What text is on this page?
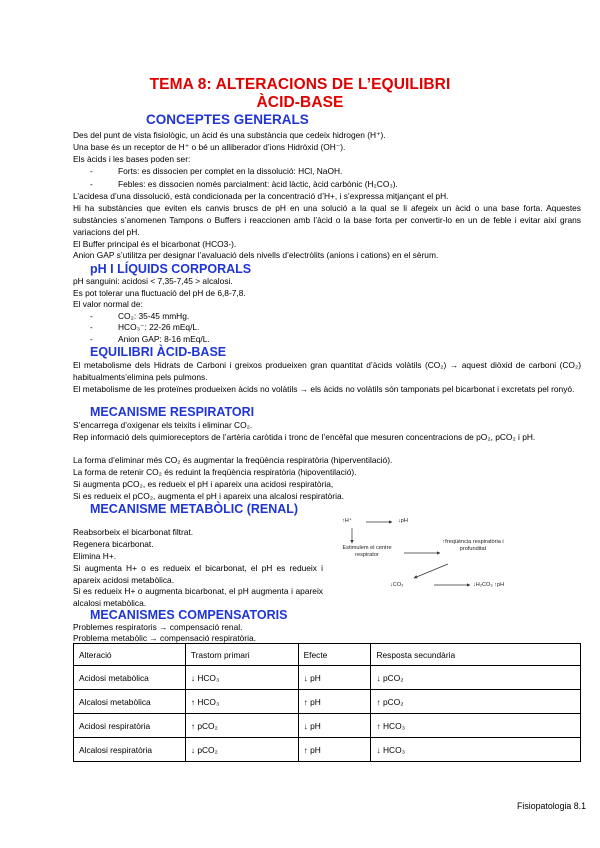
TEMA 8: ALTERACIONS DE L’EQUILIBRI
ÀCID-BASE
CONCEPTES GENERALS
Des del punt de vista fisiològic, un àcid és una substància que cedeix hidrogen (H⁺).
Una base és un receptor de H⁺ o bé un alliberador d’ions Hidròxid (OH⁻).
Els àcids i les bases poden ser:
-	Forts: es dissocien per complet en la dissolució: HCl, NaOH.
-	Febles: es dissocien només parcialment: àcid làctic, àcid carbònic (H₂CO₃).
L’acidesa d’una dissolució, està condicionada per la concentració d’H+, i s’expressa mitjançant el pH.
Hi ha substàncies que eviten els canvis bruscs de pH en una solució a la qual se li afegeix un àcid o una base forta. Aquestes substàncies s’anomenen Tampons o Buffers i reaccionen amb l’àcid o la base forta per convertir-lo en un de feble i evitar així grans variacions del pH.
El Buffer principal és el bicarbonat (HCO3-).
Anion GAP s’utilitza per designar l’avaluació dels nivells d’electròlits (anions i cations) en el sèrum.
pH I LÍQUIDS CORPORALS
pH sanguini: acidosi < 7,35-7,45 > alcalosi.
Es pot tolerar una fluctuació del pH de 6,8-7,8.
El valor normal de:
-	CO₂: 35-45 mmHg.
-	HCO₃⁻: 22-26 mEq/L.
-	Anion GAP: 8-16 mEq/L.
EQUILIBRI ÀCID-BASE
El metabolisme dels Hidrats de Carboni i greixos produeixen gran quantitat d’àcids volàtils (CO₂) → aquest diòxid de carboni (CO₂) habitualments’elimina pels pulmons.
El metabolisme de les proteïnes produeixen àcids no volàtils → els àcids no volàtils són tamponats pel bicarbonat i excretats pel ronyó.
MECANISME RESPIRATORI
S’encarrega d’oxigenar els teixits i eliminar CO₂.
Rep informació dels quimioreceptors de l’artèria caròtida i tronc de l’encèfal que mesuren concentracions de pO₂, pCO₂ i pH.
La forma d’eliminar més CO₂ és augmentar la freqüència respiratòria (hiperventilació).
La forma de retenir CO₂ és reduint la freqüència respiratòria (hipoventilació).
Si augmenta pCO₂, es redueix el pH i apareix una acidosi respiratòria,
Si es redueix el pCO₂, augmenta el pH i apareix una alcalosi respiratòria.
MECANISME METABÒLIC (RENAL)
Reabsorbeix el bicarbonat filtrat.
Regenera bicarbonat.
Elimina H+.
Si augmenta H+ o es redueix el bicarbonat, el pH es redueix i apareix acidosi metabòlica.
Si es redueix H+ o augmenta bicarbonat, el pH augmenta i apareix alcalosi metabòlica.
↑H⁺	↓pH
Estimulem el centre respirator
↑freqüència respiratòria i profunditat
↓CO₂	↓H₂CO₃ ↑pH
MECANISMES COMPENSATORIS
Problemes respiratoris → compensació renal.
Problema metabòlic → compensació respiratòria.
Alteració	Trastorn primari	Efecte	Resposta secundària
Acidosi metabòlica	↓ HCO₃	↓ pH	↓ pCO₂
Alcalosi metabòlica	↑ HCO₃	↑ pH	↑ pCO₂
Acidosi respiratòria	↑ pCO₂	↓ pH	↑ HCO₃
Alcalosi respiratòria	↓ pCO₂	↑ pH	↓ HCO₃
Fisiopatologia 8.1
